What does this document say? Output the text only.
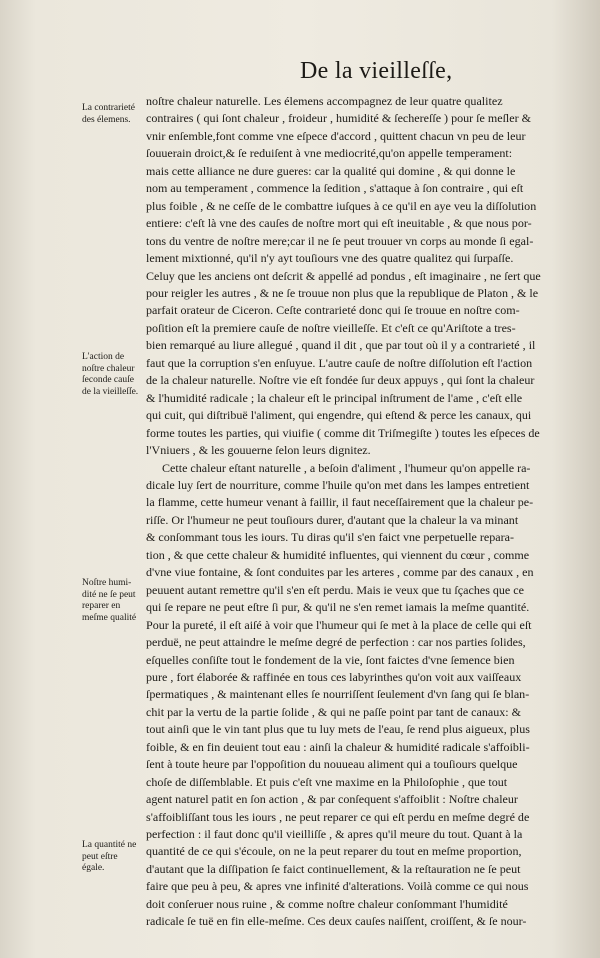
De la vieilleſſe,
La contrarieté
des élemens.
L'action de
noſtre chaleur
ſeconde cauſe
de la vieilleſſe.
Noſtre humi-
dité ne ſe peut
reparer en
meſme qualité
La quantité ne
peut eſtre
égale.
noſtre chaleur naturelle. Les élemens accompagnez de leur quatre qualitez
contraires ( qui ſont chaleur , froideur , humidité & ſechereſſe ) pour ſe meſler &
vnir enſemble,font comme vne eſpece d'accord , quittent chacun vn peu de leur
ſouuerain droict,& ſe reduiſent à vne mediocrité,qu'on appelle temperament:
mais cette alliance ne dure gueres: car la qualité qui domine , & qui donne le
nom au temperament , commence la ſedition , s'attaque à ſon contraire , qui eſt
plus foible , & ne ceſſe de le combattre iuſques à ce qu'il en aye veu la diſſolution
entiere: c'eſt là vne des cauſes de noſtre mort qui eſt ineuitable , & que nous por-
tons du ventre de noſtre mere;car il ne ſe peut trouuer vn corps au monde ſi egal-
lement mixtionné, qu'il n'y ayt touſiours vne des quatre qualitez qui ſurpaſſe.
Celuy que les anciens ont deſcrit & appellé ad pondus , eſt imaginaire , ne ſert que
pour reigler les autres , & ne ſe trouue non plus que la republique de Platon , & le
parfait orateur de Ciceron. Ceſte contrarieté donc qui ſe trouue en noſtre com-
poſition eſt la premiere cauſe de noſtre vieilleſſe. Et c'eſt ce qu'Ariſtote a tres-
bien remarqué au liure allegué , quand il dit , que par tout où il y a contrarieté , il
faut que la corruption s'en enſuyue. L'autre cauſe de noſtre diſſolution eſt l'action
de la chaleur naturelle. Noſtre vie eſt fondée ſur deux appuys , qui ſont la chaleur
& l'humidité radicale ; la chaleur eſt le principal inſtrument de l'ame , c'eſt elle
qui cuit, qui diſtribuë l'aliment, qui engendre, qui eſtend & perce les canaux, qui
forme toutes les parties, qui viuifie ( comme dit Triſmegiſte ) toutes les eſpeces de
l'Vniuers , & les gouuerne ſelon leurs dignitez.
Cette chaleur eſtant naturelle , a beſoin d'aliment , l'humeur qu'on appelle ra-
dicale luy ſert de nourriture, comme l'huile qu'on met dans les lampes entretient
la flamme, cette humeur venant à faillir, il faut neceſſairement que la chaleur pe-
riſſe. Or l'humeur ne peut touſiours durer, d'autant que la chaleur la va minant
& conſommant tous les iours. Tu diras qu'il s'en faict vne perpetuelle repara-
tion , & que cette chaleur & humidité influentes, qui viennent du cœur , comme
d'vne viue fontaine, & ſont conduites par les arteres , comme par des canaux , en
peuuent autant remettre qu'il s'en eſt perdu. Mais ie veux que tu ſçaches que ce
qui ſe repare ne peut eſtre ſi pur, & qu'il ne s'en remet iamais la meſme quantité.
Pour la pureté, il eſt aiſé à voir que l'humeur qui ſe met à la place de celle qui eſt
perduë, ne peut attaindre le meſme degré de perfection : car nos parties ſolides,
eſquelles conſiſte tout le fondement de la vie, ſont faictes d'vne ſemence bien
pure , fort élaborée & raffinée en tous ces labyrinthes qu'on voit aux vaiſſeaux
ſpermatiques , & maintenant elles ſe nourriſſent ſeulement d'vn ſang qui ſe blan-
chit par la vertu de la partie ſolide , & qui ne paſſe point par tant de canaux: &
tout ainſi que le vin tant plus que tu luy mets de l'eau, ſe rend plus aigueux, plus
foible, & en fin deuient tout eau : ainſi la chaleur & humidité radicale s'affoibli-
ſent à toute heure par l'oppoſition du nouueau aliment qui a touſiours quelque
choſe de diſſemblable. Et puis c'eſt vne maxime en la Philoſophie , que tout
agent naturel patit en ſon action , & par conſequent s'affoiblit : Noſtre chaleur
s'affoibliſſant tous les iours , ne peut reparer ce qui eſt perdu en meſme degré de
perfection : il faut donc qu'il vieilliſſe , & apres qu'il meure du tout. Quant à la
quantité de ce qui s'écoule, on ne la peut reparer du tout en meſme proportion,
d'autant que la diſſipation ſe faict continuellement, & la reſtauration ne ſe peut
faire que peu à peu, & apres vne infinité d'alterations. Voilà comme ce qui nous
doit conſeruer nous ruine , & comme noſtre chaleur conſommant l'humidité
radicale ſe tuë en fin elle-meſme. Ces deux cauſes naiſſent, croiſſent, & ſe nour-
